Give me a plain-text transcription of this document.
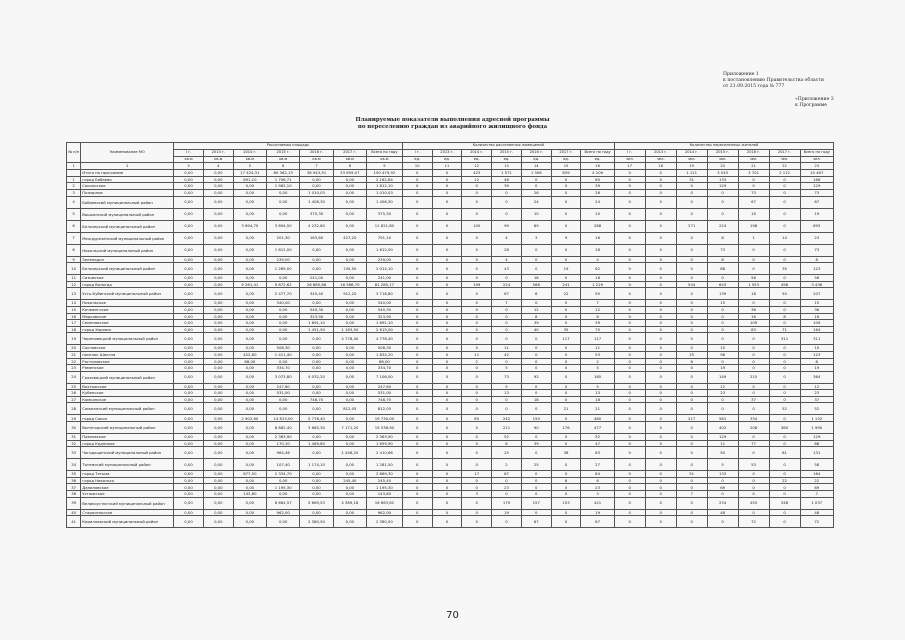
Приложение 1
к постановлению Правительства области
от 21.09.2015 года № 777
«Приложение 3
к Программе
Планируемые показатели выполнения адресной программы
по переселению граждан из аварийного жилищного фонда
№ п/п	Наименование МО	Расселяемая площадь							Количество расселенных помещений							Количество переселенных жителей						
		I г.	2013 г.	2014 г.	2015 г.	2016 г.	2017 г.	Всего по году	I г.	2013 г.	2014 г.	2015 г.	2016 г.	2017 г.	Всего по году	I г.	2013 г.	2014 г.	2015 г.	2016 г.	2017 г.	Всего по году
		кв.м	кв.м	кв.м	кв.м	кв.м	кв.м	кв.м	ед.	ед.	ед.	ед.	ед.	ед.	ед.	чел.	чел.	чел.	чел.	чел.	чел.	чел.
1	2	3	4	5	6	7	8	9	10	11	12	13	14	15	16	17	18	19	20	21	22	23
	Итого по программе	0,00	0,00	17 424,31	60 362,13	38 943,51	33 659,07	150 479,92	0	0	423	1 571	1 306	839	4 209	0	0	1 111	3 543	3 701	2 112	10 467
1	город Бабаево	0,00	0,00	691,10	1 706,71	0,00	0,00	2 162,84	0	0	12	48	0	0	60	0	0	31	133	0	0	166
2	Сокольское	0,00	0,00	0,00	1 962,10	0,00	0,00	1 812,10	0	0	0	39	0	0	39	0	0	0	129	0	0	129
3	Пожарное	0,00	0,00	0,00	0,00	1 010,03	0,00	1 010,03	0	0	0	0	26	0	26	0	0	0	0	73	0	73
4	Бабаевский муниципальный район	0,00	0,00	0,00	0,00	1 406,30	0,00	1 406,30	0	0	0	0	24	0	24	0	0	0	0	67	0	67
5	Вашкинский муниципальный район	0,00	0,00	0,00	0,00	375,30	0,00	375,30	0	0	0	0	10	0	10	0	0	0	0	19	0	19
6	Белозерский муниципальный район	0,00	0,00	3 694,70	3 894,50	4 232,80	0,00	11 821,80	0	0	100	99	89	0	288	0	0	271	224	198	0	693
7	Междуреченский муниципальный район	0,00	0,00	0,00	201,30	163,60	427,20	791,10	0	0	0	4	3	9	16	0	0	0	8	1	14	23
8	Никольский муниципальный район	0,00	0,00	0,00	1 612,00	0,00	0,00	1 612,00	0	0	0	28	0	0	28	0	0	0	73	0	0	73
9	Зеленодол	0,00	0,00	0,00	239,00	0,00	0,00	239,00	0	0	0	4	0	0	4	0	0	0	8	0	0	8
10	Белозерский муниципальный район	0,00	0,00	0,00	1 269,00	0,00	745,50	2 014,10	0	0	0	43	0	19	62	0	0	0	88	0	35	123
11	Сизьмское	0,00	0,00	0,00	0,00	241,00	0,00	241,00	0	0	0	0	18	0	18	0	0	0	0	56	0	56
12	город Вологда	0,00	0,00	9 261,41	9 872,62	26 685,68	16 568,70	81 285,17	0	0	199	224	566	241	1 229	0	0	544	643	1 553	498	3 438
13	Усть-Кубинский муниципальный район	0,00	0,00	0,00	2 477,70	345,40	912,20	3 716,80	0	0	0	67	6	22	95	0	0	0	139	18	50	207
14	Никольское	0,00	0,00	0,00	340,00	0,00	0,00	340,00	0	0	0	7	0	0	7	0	0	0	15	0	0	15
15	Кичменгское	0,00	0,00	0,00	0,00	540,30	0,00	540,30	0	0	0	0	12	0	12	0	0	0	0	36	0	36
16	Марковское	0,00	0,00	0,00	0,00	323,90	0,00	323,90	0	0	0	0	8	0	8	0	0	0	0	16	8	16
17	Семеновское	0,00	0,00	0,00	0,00	1 691,10	0,00	1 691,10	0	0	0	0	39	0	39	0	0	0	0	109	0	109
18	город Харовск	0,00	0,00	0,00	0,00	1 451,50	1 163,50	2 615,00	0	0	0	0	40	35	75	0	0	0	0	83	71	164
19	Череповецкий муниципальный район	0,00	0,00	0,00	0,00	0,00	4 778,40	4 778,40	0	0	0	0	0	117	117	0	0	0	0	0	311	311
20	Сосновское	0,00	0,00	0,00	508,30	0,00	0,00	508,30	0	0	0	11	0	0	11	0	0	0	15	0	0	15
21	поселок Шексна	0,00	0,00	422,80	1 411,40	0,00	0,00	1 834,20	0	0	11	42	0	0	53	0	0	25	98	0	0	123
22	Ростиловское	0,00	0,00	68,00	0,00	0,00	0,00	68,00	0	0	2	0	0	0	2	0	0	6	0	0	0	6
23	Раменское	0,00	0,00	0,00	334,70	0,00	0,00	334,70	0	0	0	5	0	0	5	0	0	0	19	0	0	19
24	Грязовецкий муниципальный район	0,00	0,00	0,00	3 073,80	4 032,20	0,00	7 106,00	0	0	0	73	92	0	165	0	0	0	149	215	0	364
25	Вохтожское	0,00	0,00	0,00	247,60	0,00	0,00	247,60	0	0	0	5	0	0	5	0	0	0	12	0	0	12
26	Кубенское	0,00	0,00	0,00	531,00	0,00	0,00	531,00	0	0	0	13	0	0	13	0	0	0	23	0	0	23
27	Комьянское	0,00	0,00	0,00	0,00	748,70	0,00	748,70	0	0	0	0	18	0	18	0	0	0	0	37	0	37
28	Сямженский муниципальный район	0,00	0,00	0,00	0,00	0,00	812,05	812,05	0	0	0	0	0	21	21	0	0	0	0	0	52	52
29	город Сокол	0,00	0,00	2 902,60	14 813,00	5 776,40	0,00	19 730,00	0	0	85	242	150	0	480	0	0	217	581	334	0	1 132
30	Вытегорский муниципальный район	0,00	0,00	0,00	8 682,40	3 685,30	7 171,20	19 538,90	0	0	0	211	90	176	477	0	0	0	402	208	380	1 990
31	Павловское	0,00	0,00	0,00	2 363,90	0,00	0,00	2 363,90	0	0	0	52	0	0	52	0	0	0	129	0	0	129
32	город Кадников	0,00	0,00	0,00	170,10	1 489,80	0,00	1 659,90	0	0	0	8	39	0	47	0	0	0	11	77	0	88
33	Чагодощенский муниципальный район	0,00	0,00	0,00	964,46	0,00	1 446,20	2 410,66	0	0	0	25	0	38	63	0	0	0	50	0	81	131
34	Тотемский муниципальный район	0,00	0,00	0,00	107,40	1 174,10	0,00	1 281,50	0	0	0	2	25	0	27	0	0	0	5	53	0	58
35	город Тотьма	0,00	0,00	677,50	2 334,70	0,00	0,00	2 869,30	0	0	17	67	0	0	84	0	0	51	133	0	0	164
36	город Никольск	0,00	0,00	0,00	0,00	0,00	245,40	245,40	0	0	0	0	0	6	6	0	0	0	0	0	22	22
37	Даниловское	0,00	0,00	0,00	1 195,30	0,00	0,00	1 195,30	0	0	0	23	0	0	23	0	0	0	69	0	0	69
38	Устюжское	0,00	0,00	143,80	0,00	0,00	0,00	143,80	0	0	3	0	0	0	3	0	0	7	0	0	0	7
39	Великоустюгский муниципальный район	0,00	0,00	0,00	6 664,57	5 669,53	4 389,18	16 663,62	0	0	0	179	157	153	421	0	0	0	234	455	348	1 037
40	Старосельское	0,00	0,00	0,00	962,00	0,00	0,00	962,00	0	0	0	19	0	0	19	0	0	0	48	0	0	48
41	Кирилловский муниципальный район	0,00	0,00	0,00	0,00	2 380,50	0,00	2 380,50	0	0	0	0	67	0	67	0	0	0	0	72	0	72
70
